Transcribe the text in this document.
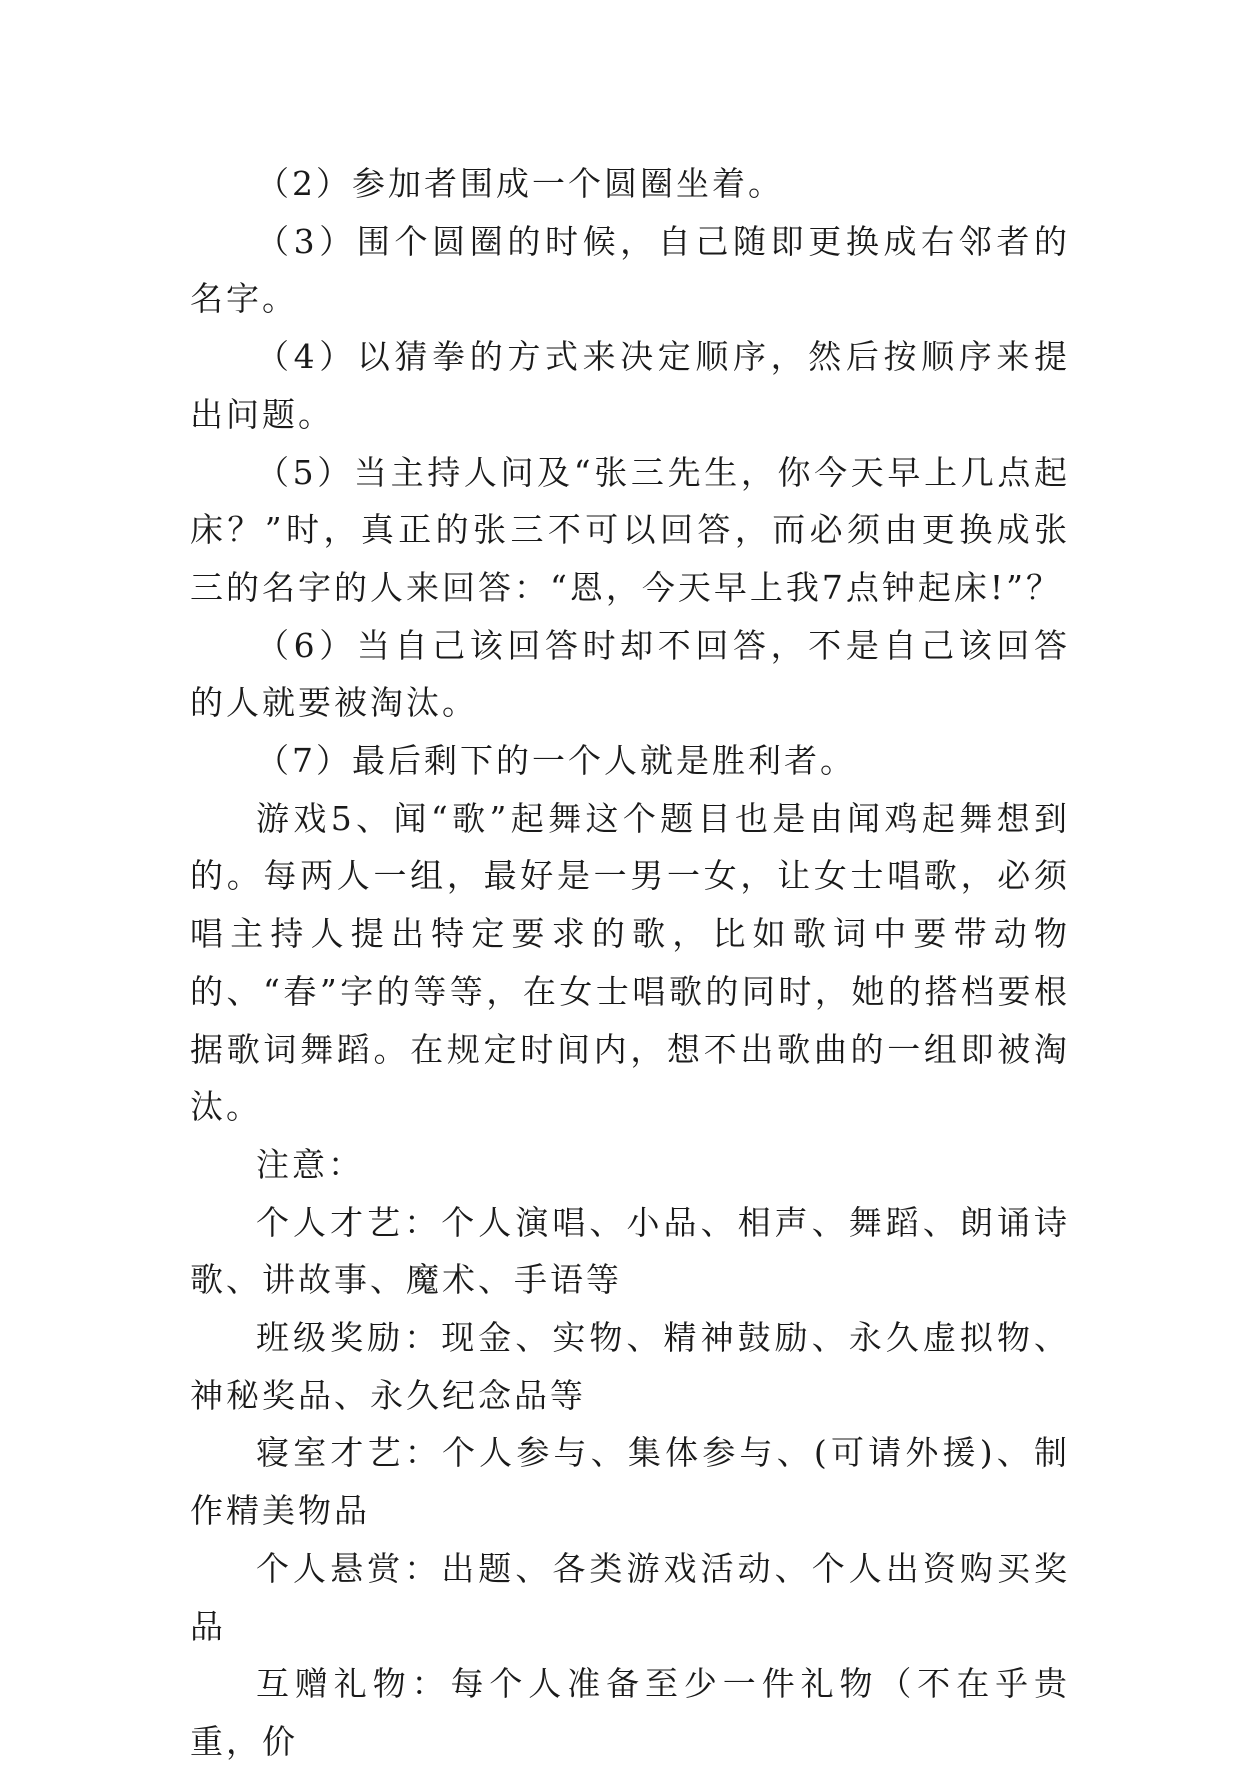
（2）参加者围成一个圆圈坐着。

（3）围个圆圈的时候，自己随即更换成右邻者的名字。

（4）以猜拳的方式来决定顺序，然后按顺序来提出问题。

（5）当主持人问及“张三先生，你今天早上几点起床？”时，真正的张三不可以回答，而必须由更换成张三的名字的人来回答：“恩，今天早上我7点钟起床!”？

（6）当自己该回答时却不回答，不是自己该回答的人就要被淘汰。

（7）最后剩下的一个人就是胜利者。

游戏5、闻“歌”起舞这个题目也是由闻鸡起舞想到的。每两人一组，最好是一男一女，让女士唱歌，必须唱主持人提出特定要求的歌，比如歌词中要带动物的、“春”字的等等，在女士唱歌的同时，她的搭档要根据歌词舞蹈。在规定时间内，想不出歌曲的一组即被淘汰。

注意：

个人才艺：个人演唱、小品、相声、舞蹈、朗诵诗歌、讲故事、魔术、手语等

班级奖励：现金、实物、精神鼓励、永久虚拟物、神秘奖品、永久纪念品等

寝室才艺：个人参与、集体参与、(可请外援)、制作精美物品

个人悬赏：出题、各类游戏活动、个人出资购买奖品

互赠礼物：每个人准备至少一件礼物（不在乎贵重，价
